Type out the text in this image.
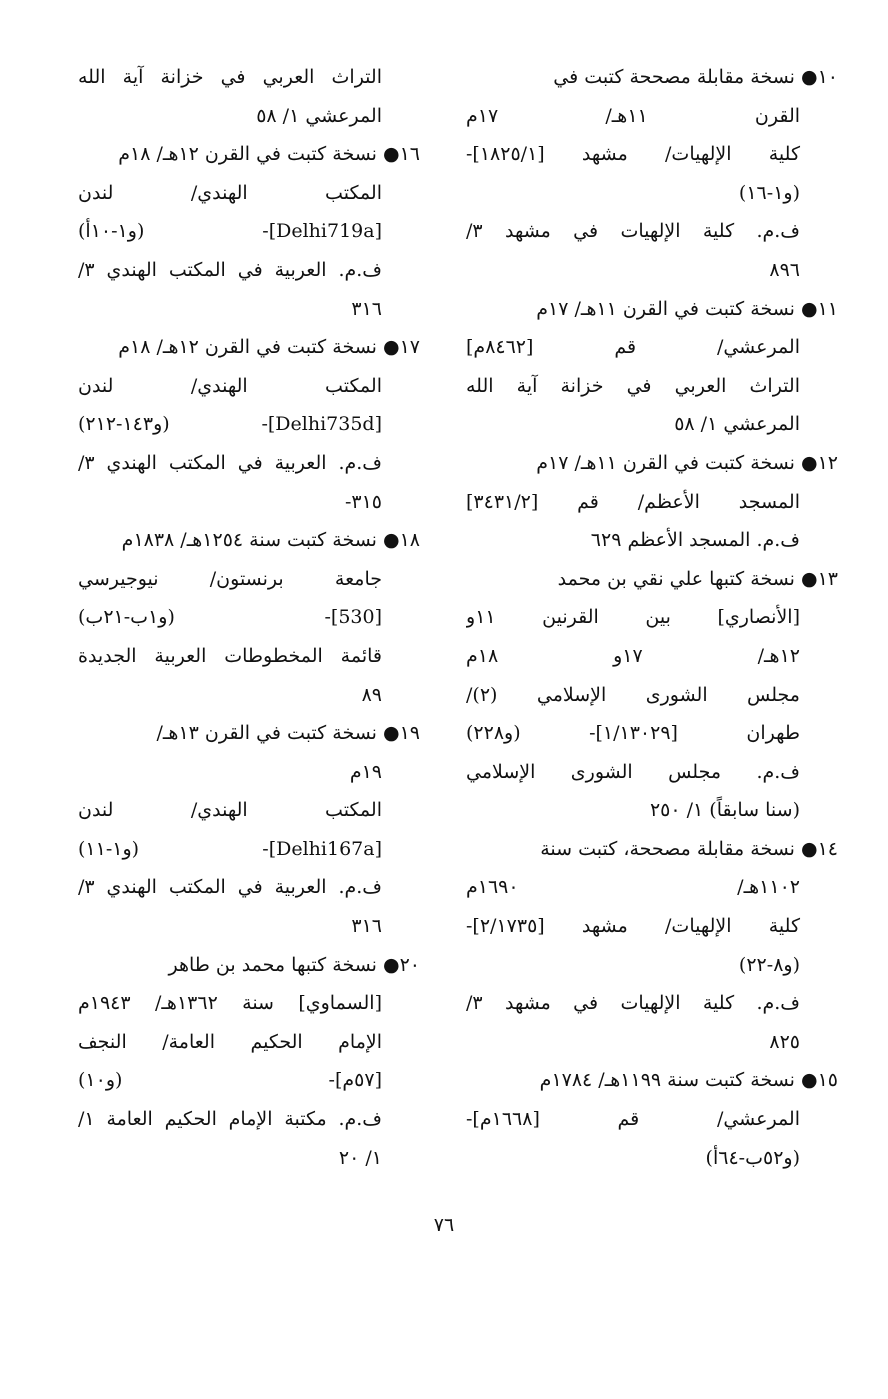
١٠● نسخة مقابلة مصححة كتبت في
القرن ١١هـ/ ١٧م
كلية الإلهيات/ مشهد [١٨٢٥/١]-
(و١-١٦)
ف.م. كلية الإلهيات في مشهد ٣/
٨٩٦
١١● نسخة كتبت في القرن ١١هـ/ ١٧م
المرعشي/ قم [٨٤٦٢م]
التراث العربي في خزانة آية الله
المرعشي ١/ ٥٨
١٢● نسخة كتبت في القرن ١١هـ/ ١٧م
المسجد الأعظم/ قم [٣٤٣١/٢]
ف.م. المسجد الأعظم ٦٢٩
١٣● نسخة كتبها علي نقي بن محمد
[الأنصاري] بين القرنين ١١و
١٢هـ/ ١٧و ١٨م
مجلس الشورى الإسلامي (٢)/
طهران [١/١٣٠٢٩]- (و٢٢٨)
ف.م. مجلس الشورى الإسلامي
(سنا سابقاً) ١/ ٢٥٠
١٤● نسخة مقابلة مصححة، كتبت سنة
١١٠٢هـ/ ١٦٩٠م
كلية الإلهيات/ مشهد [٢/١٧٣٥]-
(و٨-٢٢)
ف.م. كلية الإلهيات في مشهد ٣/
٨٢٥
١٥● نسخة كتبت سنة ١١٩٩هـ/ ١٧٨٤م
المرعشي/ قم [١٦٦٨م]-
(و٥٢ب-٦٤أ)
التراث العربي في خزانة آية الله
المرعشي ١/ ٥٨
١٦● نسخة كتبت في القرن ١٢هـ/ ١٨م
المكتب الهندي/ لندن
[Delhi719a]- (و١-١٠أ)
ف.م. العربية في المكتب الهندي ٣/
٣١٦
١٧● نسخة كتبت في القرن ١٢هـ/ ١٨م
المكتب الهندي/ لندن
[Delhi735d]- (و١٤٣-٢١٢)
ف.م. العربية في المكتب الهندي ٣/
٣١٥-
١٨● نسخة كتبت سنة ١٢٥٤هـ/ ١٨٣٨م
جامعة برنستون/ نيوجيرسي
[530]- (و١ب-٢١ب)
قائمة المخطوطات العربية الجديدة
٨٩
١٩● نسخة كتبت في القرن ١٣هـ/
١٩م
المكتب الهندي/ لندن
[Delhi167a]- (و١-١١)
ف.م. العربية في المكتب الهندي ٣/
٣١٦
٢٠● نسخة كتبها محمد بن طاهر
[السماوي] سنة ١٣٦٢هـ/ ١٩٤٣م
الإمام الحكيم العامة/ النجف
[٥٧م]- (و١٠)
ف.م. مكتبة الإمام الحكيم العامة ١/
١/ ٢٠
٧٦
